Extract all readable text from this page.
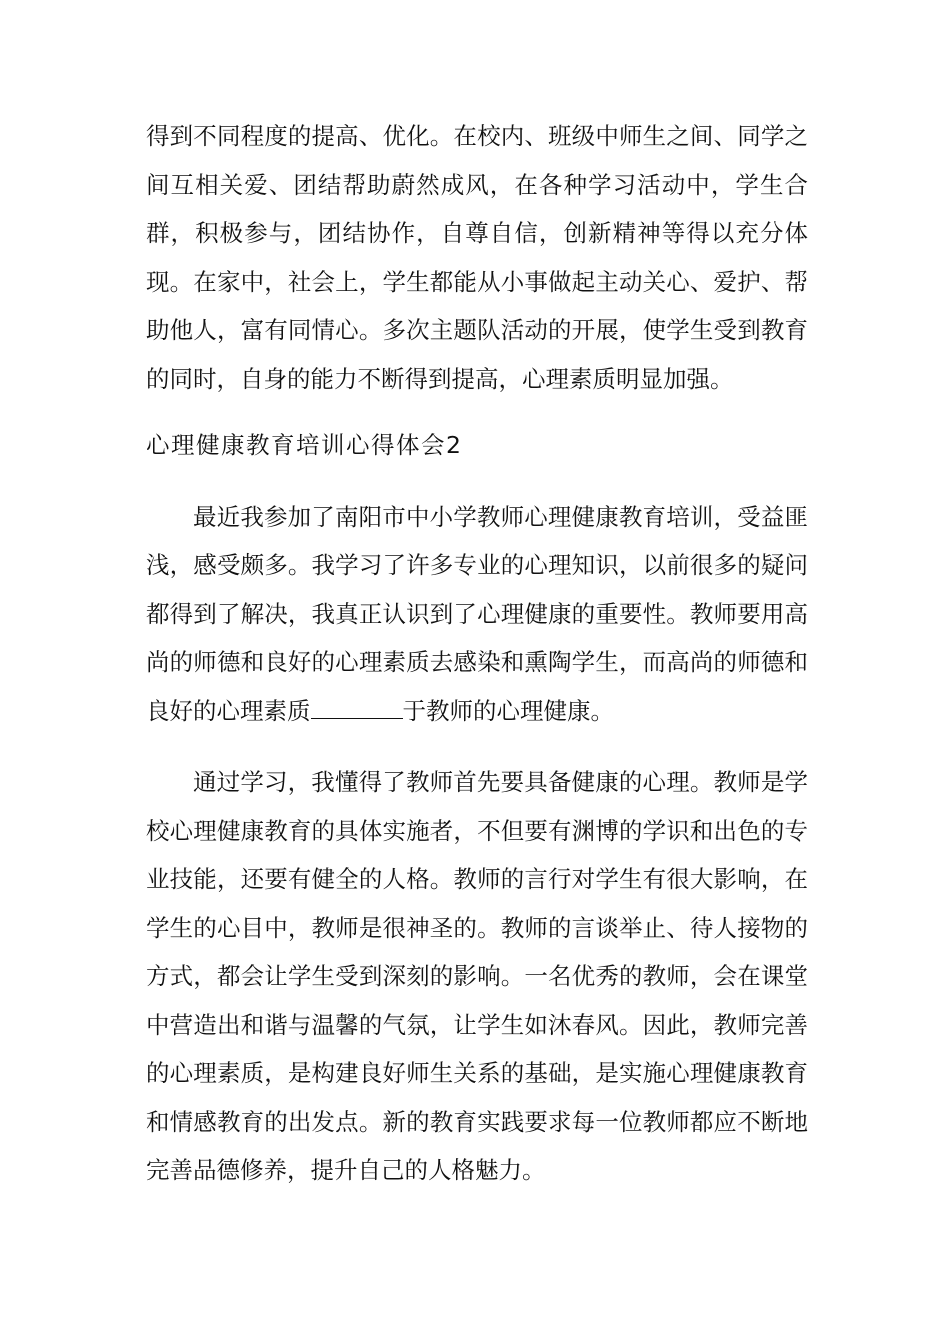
得到不同程度的提高、优化。在校内、班级中师生之间、同学之间互相关爱、团结帮助蔚然成风，在各种学习活动中，学生合群，积极参与，团结协作，自尊自信，创新精神等得以充分体现。在家中，社会上，学生都能从小事做起主动关心、爱护、帮助他人，富有同情心。多次主题队活动的开展，使学生受到教育的同时，自身的能力不断得到提高，心理素质明显加强。

心理健康教育培训心得体会2

最近我参加了南阳市中小学教师心理健康教育培训，受益匪浅，感受颇多。我学习了许多专业的心理知识，以前很多的疑问都得到了解决，我真正认识到了心理健康的重要性。教师要用高尚的师德和良好的心理素质去感染和熏陶学生，而高尚的师德和良好的心理素质	于教师的心理健康。

通过学习，我懂得了教师首先要具备健康的心理。教师是学校心理健康教育的具体实施者，不但要有渊博的学识和出色的专业技能，还要有健全的人格。教师的言行对学生有很大影响，在学生的心目中，教师是很神圣的。教师的言谈举止、待人接物的方式，都会让学生受到深刻的影响。一名优秀的教师，会在课堂中营造出和谐与温馨的气氛，让学生如沐春风。因此，教师完善的心理素质，是构建良好师生关系的基础，是实施心理健康教育和情感教育的出发点。新的教育实践要求每一位教师都应不断地完善品德修养，提升自己的人格魅力。
